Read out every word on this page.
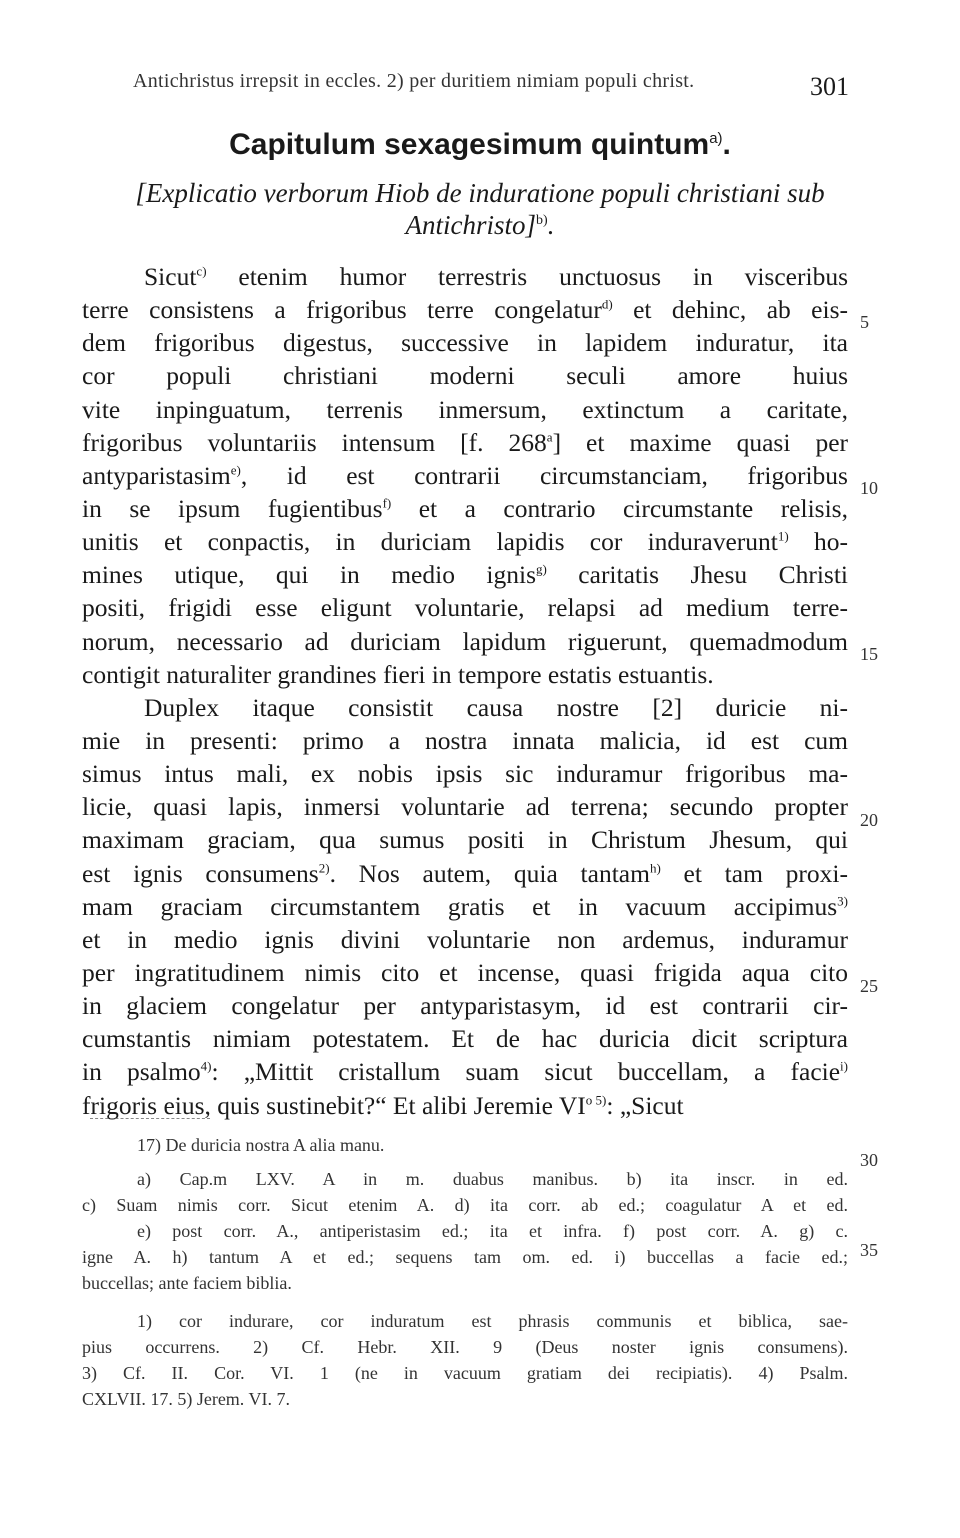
Antichristus irrepsit in eccles. 2) per duritiem nimiam populi christ.	301
Capitulum sexagesimum quintum$^{a)}$.
[Explicatio verborum Hiob de induratione populi christiani sub
Antichristo]$^{b)}$.
Sicut$^{c)}$ etenim humor terrestris unctuosus in visceribus
terre consistens a frigoribus terre congelatur$^{d)}$ et dehinc, ab eis-
dem frigoribus digestus, successive in lapidem induratur, ita
cor populi christiani moderni seculi amore huius
vite inpinguatum, terrenis inmersum, extinctum a caritate,
frigoribus voluntariis intensum [f. 268$^a$] et maxime quasi per
antyparistasim$^{e)}$, id est contrarii circumstanciam, frigoribus
in se ipsum fugientibus$^{f)}$ et a contrario circumstante relisis,
unitis et conpactis, in duriciam lapidis cor induraverunt$^{1)}$ ho-
mines utique, qui in medio ignis$^{g)}$ caritatis Jhesu Christi
positi, frigidi esse eligunt voluntarie, relapsi ad medium terre-
norum, necessario ad duriciam lapidum riguerunt, quemadmodum
contigit naturaliter grandines fieri in tempore estatis estuantis.
Duplex itaque consistit causa nostre [2] duricie ni-
mie in presenti: primo a nostra innata malicia, id est cum
simus intus mali, ex nobis ipsis sic induramur frigoribus ma-
licie, quasi lapis, inmersi voluntarie ad terrena; secundo propter
maximam graciam, qua sumus positi in Christum Jhesum, qui
est ignis consumens$^{2)}$. Nos autem, quia tantam$^{h)}$ et tam proxi-
mam graciam circumstantem gratis et in vacuum accipimus$^{3)}$
et in medio ignis divini voluntarie non ardemus, induramur
per ingratitudinem nimis cito et incense, quasi frigida aqua cito
in glaciem congelatur per antyparistasym, id est contrarii cir-
cumstantis nimiam potestatem. Et de hac duricia dicit scriptura
in psalmo$^{4)}$: „Mittit cristallum suam sicut buccellam, a facie$^{i)}$
frigoris eius, quis sustinebit?“ Et alibi Jeremie $VI^{o 5)}$: „Sicut
5
10
15
20
25
30
35
17) De duricia nostra A alia manu.
a) Cap.m LXV. A in m. duabus manibus. b) ita inscr. in ed.
c) Suam nimis corr. Sicut etenim A. d) ita corr. ab ed.; coagulatur A et ed.
e) post corr. A., antiperistasim ed.; ita et infra. f) post corr. A. g) c.
igne A. h) tantum A et ed.; sequens tam om. ed. i) buccellas a facie ed.;
buccellas; ante faciem biblia.
1) cor indurare, cor induratum est phrasis communis et biblica, sae-
pius occurrens. 2) Cf. Hebr. XII. 9 (Deus noster ignis consumens).
3) Cf. II. Cor. VI. 1 (ne in vacuum gratiam dei recipiatis). 4) Psalm.
CXLVII. 17. 5) Jerem. VI. 7.
